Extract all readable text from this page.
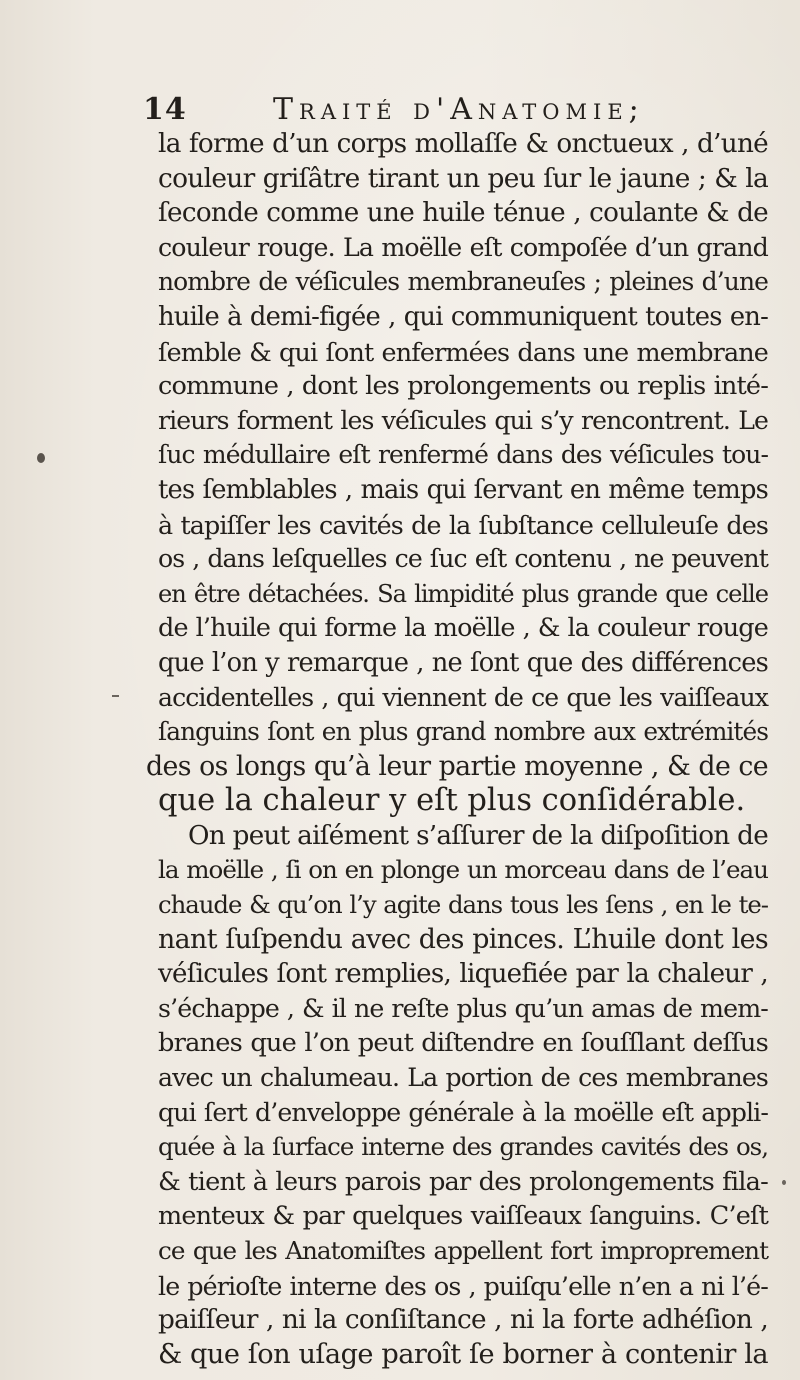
14	Traité d'Anatomie;
la forme d’un corps mollaſſe & onctueux , d’uné
couleur griſâtre tirant un peu ſur le jaune ; & la
ſeconde comme une huile ténue , coulante & de
couleur rouge. La moëlle eſt compoſée d’un grand
nombre de véſicules membraneuſes ; pleines d’une
huile à demi-figée , qui communiquent toutes en-
ſemble & qui ſont enfermées dans une membrane
commune , dont les prolongements ou replis inté-
rieurs forment les véſicules qui s’y rencontrent. Le
ſuc médullaire eſt renfermé dans des véſicules tou-
tes ſemblables , mais qui ſervant en même temps
à tapiſſer les cavités de la ſubſtance celluleuſe des
os , dans leſquelles ce ſuc eſt contenu , ne peuvent
en être détachées. Sa limpidité plus grande que celle
de l’huile qui forme la moëlle , & la couleur rouge
que l’on y remarque , ne ſont que des différences
accidentelles , qui viennent de ce que les vaiſſeaux
ſanguins ſont en plus grand nombre aux extrémités
des os longs qu’à leur partie moyenne , & de ce
que la chaleur y eſt plus conſidérable.
On peut aiſément s’aſſurer de la diſpoſition de
la moëlle , ſi on en plonge un morceau dans de l’eau
chaude & qu’on l’y agite dans tous les ſens , en le te-
nant ſuſpendu avec des pinces. L’huile dont les
véſicules ſont remplies, liquefiée par la chaleur ,
s’échappe , & il ne reſte plus qu’un amas de mem-
branes que l’on peut diſtendre en ſouſſlant deſſus
avec un chalumeau. La portion de ces membranes
qui ſert d’enveloppe générale à la moëlle eſt appli-
quée à la ſurface interne des grandes cavités des os,
& tient à leurs parois par des prolongements fila-
menteux & par quelques vaiſſeaux ſanguins. C’eſt
ce que les Anatomiſtes appellent fort improprement
le périoſte interne des os , puiſqu’elle n’en a ni l’é-
paiſſeur , ni la conſiſtance , ni la forte adhéſion ,
& que ſon uſage paroît ſe borner à contenir la
